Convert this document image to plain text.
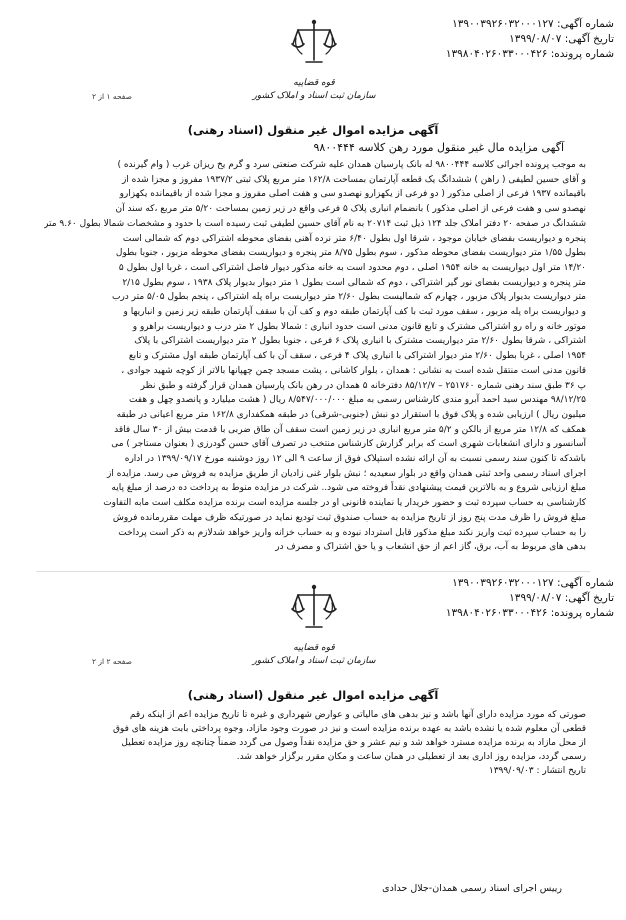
شماره آگهی: ۱۳۹۰۰۳۹۲۶۰۳۲۰۰۰۱۲۷
تاریخ آگهی: ۱۳۹۹/۰۸/۰۷
شماره پرونده: ۱۳۹۸۰۴۰۲۶۰۳۳۰۰۰۴۲۶
قوه قضاییه
سازمان ثبت اسناد و املاک کشور
صفحه ۱ از ۲
آگهی مزایده اموال غیر منقول (اسناد رهنی)
آگهی مزایده مال غیر منقول مورد رهن کلاسه ۹۸۰۰۴۴۴
به موجب پرونده اجرائی کلاسه ۹۸۰۰۴۴۴ له بانک پارسیان همدان علیه شرکت صنعتی سرد و گرم یخ ریزان غرب ( وام گیرنده )
و آقای حسین لطیفی ( راهن ) ششدانگ یک قطعه آپارتمان بمساحت ۱۶۲/۸ متر مربع پلاک ثبتی ۱۹۳۷/۲ مفروز و مجزا شده از
باقیمانده ۱۹۳۷ فرعی از اصلی مذکور ( دو فرعی از یکهزارو نهصدو سی و هفت اصلی مفروز و مجزا شده از باقیمانده یکهزارو
نهصدو سی و هفت فرعی از اصلی مذکور ) بانضمام انباری پلاک ۵ فرعی واقع در زیر زمین بمساحت ۵/۲۰ متر مربع ،که سند آن
ششدانگ در صفحه ۲۰ دفتر املاک جلد ۱۲۴ ذیل ثبت ۲۰۷۱۴ به نام آقای حسین لطیفی ثبت رسیده است با حدود و مشخصات شمالا بطول ۹.۶۰ متر
پنجره و دیواریست بفضای خیابان موجود ، شرقا اول بطول ۶/۴۰ متر نرده آهنی بفضای محوطه اشتراکی دوم که شمالی است
بطول ۱/۵۵ متر دیواریست بفضای محوطه مذکور ، سوم بطول ۸/۷۵ متر پنجره و دیواریست بفضای محوطه مزبور ، جنوبا بطول
۱۴/۲۰ متر اول دیواریست به خانه ۱۹۵۴ اصلی ، دوم محدود است به خانه مذکور دیوار فاصل اشتراکی است ، غربا اول بطول ۵
متر پنجره و دیواریست بفضای نور گیر اشتراکی ، دوم که شمالی است بطول ۱ متر دیوار بدیوار پلاک ۱۹۳۸ ، سوم بطول ۲/۱۵
متر دیواریست بدیوار پلاک مزبور ، چهارم که شمالیست بطول ۲/۶۰ متر دیواریست براه پله اشتراکی ، پنجم بطول ۵/۰۵ متر درب
و دیواریست براه پله مزبور ، سقف مورد ثبت با کف آپارتمان طبقه دوم و کف آن با سقف آپارتمان طبقه زیر زمین و انباریها و
موتور خانه و راه رو اشتراکی مشترک و تابع قانون مدنی است حدود انباری : شمالا بطول ۲ متر درب و دیواریست براهرو و
اشتراکی ، شرقا بطول ۲/۶۰ متر دیواریست مشترک با انباری پلاک ۶ فرعی ، جنوبا بطول ۲ متر دیواریست اشتراکی با پلاک
۱۹۵۴ اصلی ، غربا بطول ۲/۶۰ متر دیوار اشتراکی با انباری پلاک ۴ فرعی ، سقف آن با کف آپارتمان طبقه اول مشترک و تابع
قانون مدنی است منتقل شده است به نشانی : همدان ، بلوار کاشانی ، پشت مسجد چمن چهپانها بالاتر از کوچه شهید جوادی ،
پ ۳۶ طبق سند رهنی شماره ۲۵۱۷۶۰ – ۸۵/۱۲/۷ دفترخانه ۵ همدان در رهن بانک پارسیان همدان قرار گرفته و طبق نظر
۹۸/۱۲/۲۵ مهندس سید احمد آبرو مندی کارشناس رسمی به مبلغ ۸/۵۴۷/۰۰۰/۰۰۰ ریال ( هشت میلیارد و پانصدو چهل و هفت
میلیون ریال ) ارزیابی شده و پلاک فوق با استقرار دو نبش (جنوبی-شرقی) در طبقه همکفداری ۱۶۲/۸ متر مربع اعیانی در طبقه
همکف که ۱۲/۸ متر مربع از بالکن و ۵/۲ متر مربع انباری در زیر زمین است سقف آن طاق ضربی با قدمت بیش از ۳۰ سال فاقد
آسانسور و دارای انشعابات شهری است که برابر گزارش کارشناس منتخب در تصرف آقای حسن گودرزی ( بعنوان مستاجر ) می
باشدکه تا کنون سند رسمی نسبت به آن ارائه نشده استپلاک فوق از ساعت ۹ الی ۱۲ روز دوشنبه مورخ ۱۳۹۹/۰۹/۱۷ در اداره
اجرای اسناد رسمی واحد ثبتی همدان واقع در بلوار سعیدیه ؛ نبش بلوار غنی زادیان از طریق مزایده به فروش می رسد. مزایده از
مبلغ ارزیابی شروع و به بالاترین قیمت پیشنهادی نقداً فروخته می شود.. شرکت در مزایده منوط به پرداخت ده درصد از مبلغ پایه
کارشناسی به حساب سپرده ثبت و حضور خریدار یا نماینده قانونی او در جلسه مزایده است برنده مزایده مکلف است مابه التفاوت
مبلغ فروش را ظرف مدت پنج روز از تاریخ مزایده به حساب صندوق ثبت تودیع نماید در صورتیکه ظرف مهلت مقررمانده فروش
را به حساب سپرده ثبت واریز نکند مبلغ مذکور قابل استرداد نبوده و به حساب خزانه واریز خواهد شدلازم به ذکر است پرداخت
بدهی های مربوط به آب، برق، گاز اعم از حق انشعاب و یا حق اشتراک و مصرف در
شماره آگهی: ۱۳۹۰۰۳۹۲۶۰۳۲۰۰۰۱۲۷
تاریخ آگهی: ۱۳۹۹/۰۸/۰۷
شماره پرونده: ۱۳۹۸۰۴۰۲۶۰۳۳۰۰۰۴۲۶
قوه قضاییه
سازمان ثبت اسناد و املاک کشور
صفحه ۲ از ۲
آگهی مزایده اموال غیر منقول (اسناد رهنی)
صورتی که مورد مزایده دارای آنها باشد و نیز بدهی های مالیاتی و عوارض شهرداری و غیره تا تاریخ مزایده اعم از اینکه رقم
قطعی آن معلوم شده یا نشده باشد به عهده برنده مزایده است و نیز در صورت وجود مازاد، وجوه پرداختی بابت هزینه های فوق
از محل مازاد به برنده مزایده مسترد خواهد شد و نیم عشر و حق مزایده نقداً وصول می گردد ضمناً چنانچه روز مزایده تعطیل
رسمی گردد، مزایده روز اداری بعد از تعطیلی در همان ساعت و مکان مقرر برگزار خواهد شد.
تاریخ انتشار : ۱۳۹۹/۰۹/۰۳
رییس اجرای اسناد رسمی همدان-جلال حدادی
